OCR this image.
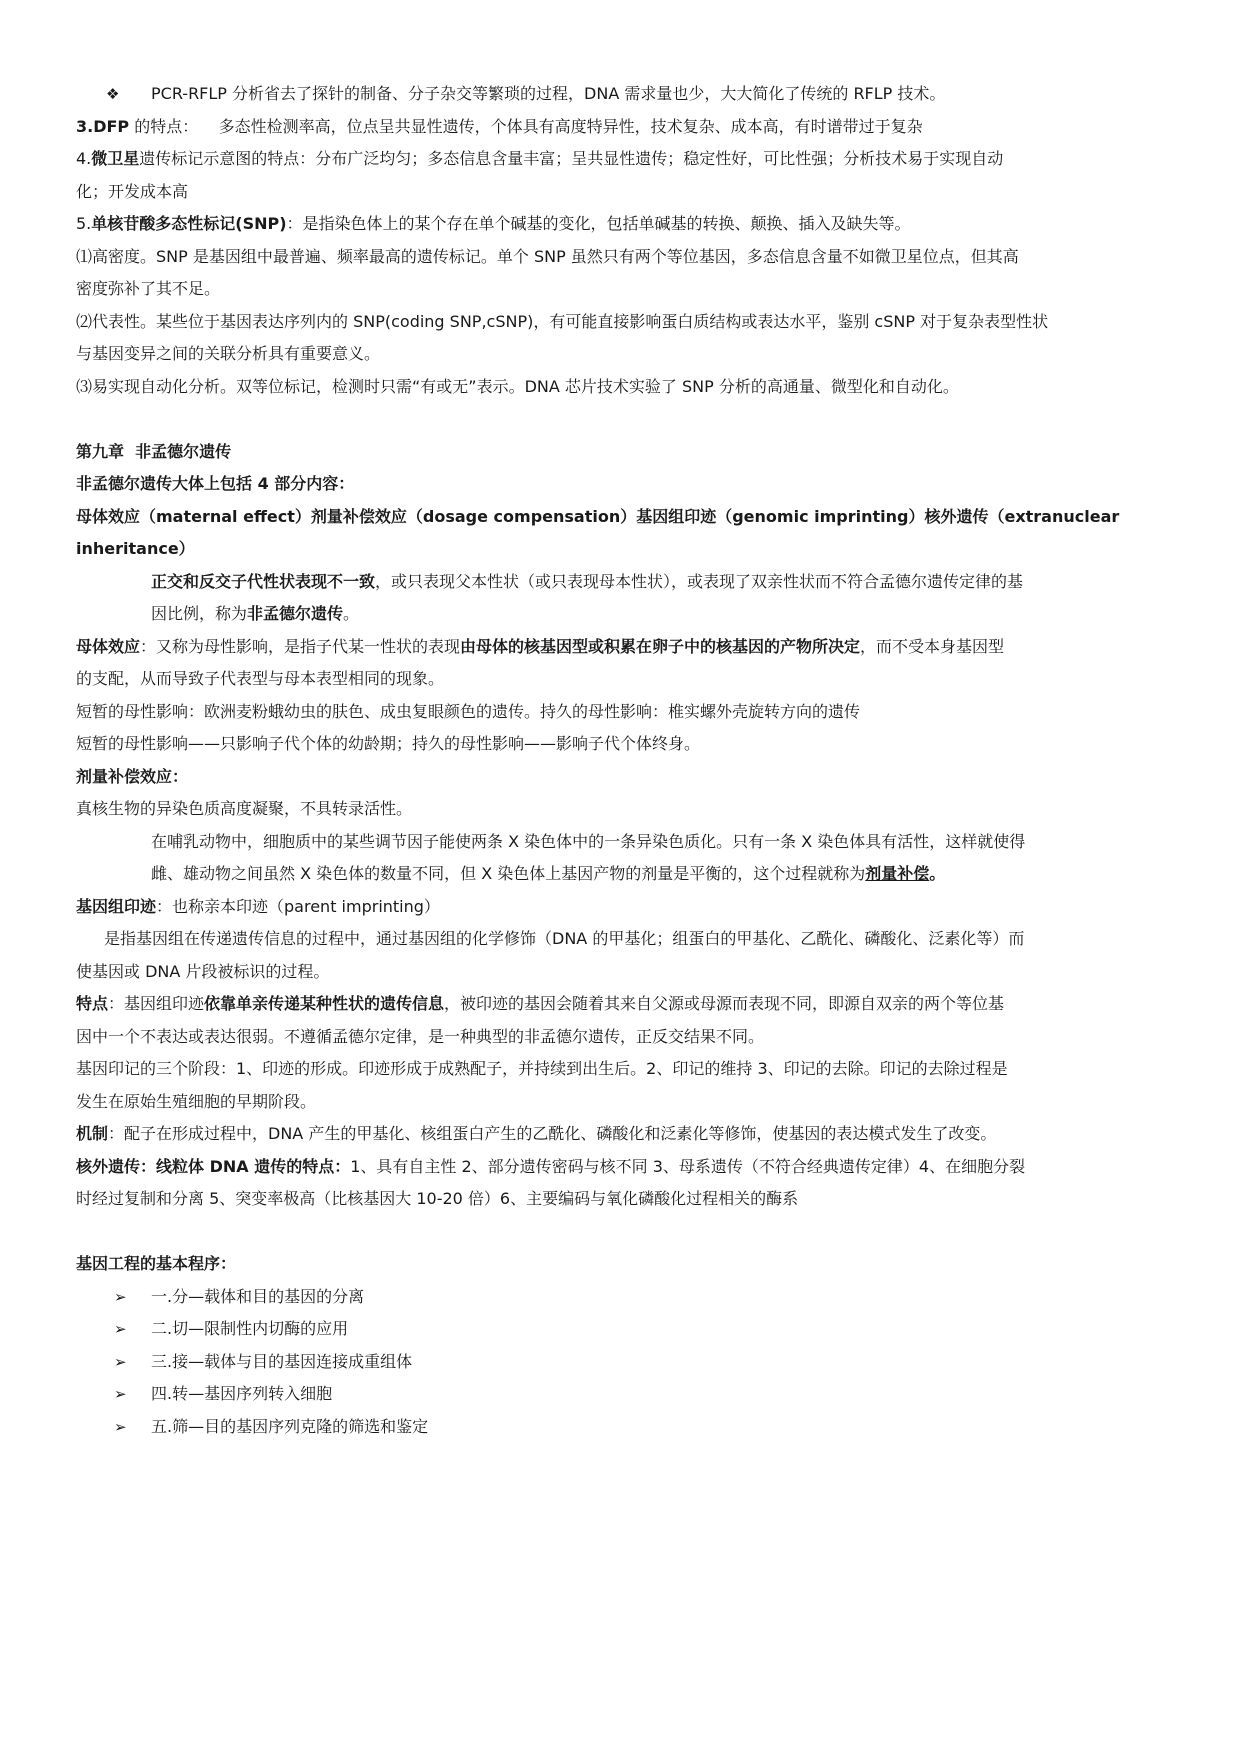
❖	PCR-RFLP 分析省去了探针的制备、分子杂交等繁琐的过程，DNA 需求量也少，大大简化了传统的 RFLP 技术。
3.DFP 的特点：    多态性检测率高，位点呈共显性遗传，个体具有高度特异性，技术复杂、成本高，有时谱带过于复杂
4.微卫星遗传标记示意图的特点：分布广泛均匀；多态信息含量丰富；呈共显性遗传；稳定性好，可比性强；分析技术易于实现自动
化；开发成本高
5.单核苷酸多态性标记(SNP)：是指染色体上的某个存在单个碱基的变化，包括单碱基的转换、颠换、插入及缺失等。
⑴高密度。SNP 是基因组中最普遍、频率最高的遗传标记。单个 SNP 虽然只有两个等位基因，多态信息含量不如微卫星位点，但其高
密度弥补了其不足。
⑵代表性。某些位于基因表达序列内的 SNP(coding SNP,cSNP)，有可能直接影响蛋白质结构或表达水平，鉴别 cSNP 对于复杂表型性状
与基因变异之间的关联分析具有重要意义。
⑶易实现自动化分析。双等位标记，检测时只需“有或无”表示。DNA 芯片技术实验了 SNP 分析的高通量、微型化和自动化。
第九章  非孟德尔遗传
非孟德尔遗传大体上包括 4 部分内容：
母体效应（maternal effect）剂量补偿效应（dosage compensation）基因组印迹（genomic imprinting）核外遗传（extranuclear
inheritance）
正交和反交子代性状表现不一致，或只表现父本性状（或只表现母本性状），或表现了双亲性状而不符合孟德尔遗传定律的基
因比例，称为非孟德尔遗传。
母体效应：又称为母性影响，是指子代某一性状的表现由母体的核基因型或积累在卵子中的核基因的产物所决定，而不受本身基因型
的支配，从而导致子代表型与母本表型相同的现象。
短暂的母性影响：欧洲麦粉蛾幼虫的肤色、成虫复眼颜色的遗传。持久的母性影响：椎实螺外壳旋转方向的遗传
短暂的母性影响——只影响子代个体的幼龄期；持久的母性影响——影响子代个体终身。
剂量补偿效应：
真核生物的异染色质高度凝聚，不具转录活性。
在哺乳动物中，细胞质中的某些调节因子能使两条 X 染色体中的一条异染色质化。只有一条 X 染色体具有活性，这样就使得
雌、雄动物之间虽然 X 染色体的数量不同，但 X 染色体上基因产物的剂量是平衡的，这个过程就称为剂量补偿。
基因组印迹：也称亲本印迹（parent imprinting）
是指基因组在传递遗传信息的过程中，通过基因组的化学修饰（DNA 的甲基化；组蛋白的甲基化、乙酰化、磷酸化、泛素化等）而
使基因或 DNA 片段被标识的过程。
特点：基因组印迹依靠单亲传递某种性状的遗传信息，被印迹的基因会随着其来自父源或母源而表现不同，即源自双亲的两个等位基
因中一个不表达或表达很弱。不遵循孟德尔定律，是一种典型的非孟德尔遗传，正反交结果不同。
基因印记的三个阶段：1、印迹的形成。印迹形成于成熟配子，并持续到出生后。2、印记的维持 3、印记的去除。印记的去除过程是
发生在原始生殖细胞的早期阶段。
机制：配子在形成过程中，DNA 产生的甲基化、核组蛋白产生的乙酰化、磷酸化和泛素化等修饰，使基因的表达模式发生了改变。
核外遗传：线粒体 DNA 遗传的特点：1、具有自主性 2、部分遗传密码与核不同 3、母系遗传（不符合经典遗传定律）4、在细胞分裂
时经过复制和分离 5、突变率极高（比核基因大 10-20 倍）6、主要编码与氧化磷酸化过程相关的酶系
基因工程的基本程序：
➢	一.分—载体和目的基因的分离
➢	二.切—限制性内切酶的应用
➢	三.接—载体与目的基因连接成重组体
➢	四.转—基因序列转入细胞
➢	五.筛—目的基因序列克隆的筛选和鉴定
